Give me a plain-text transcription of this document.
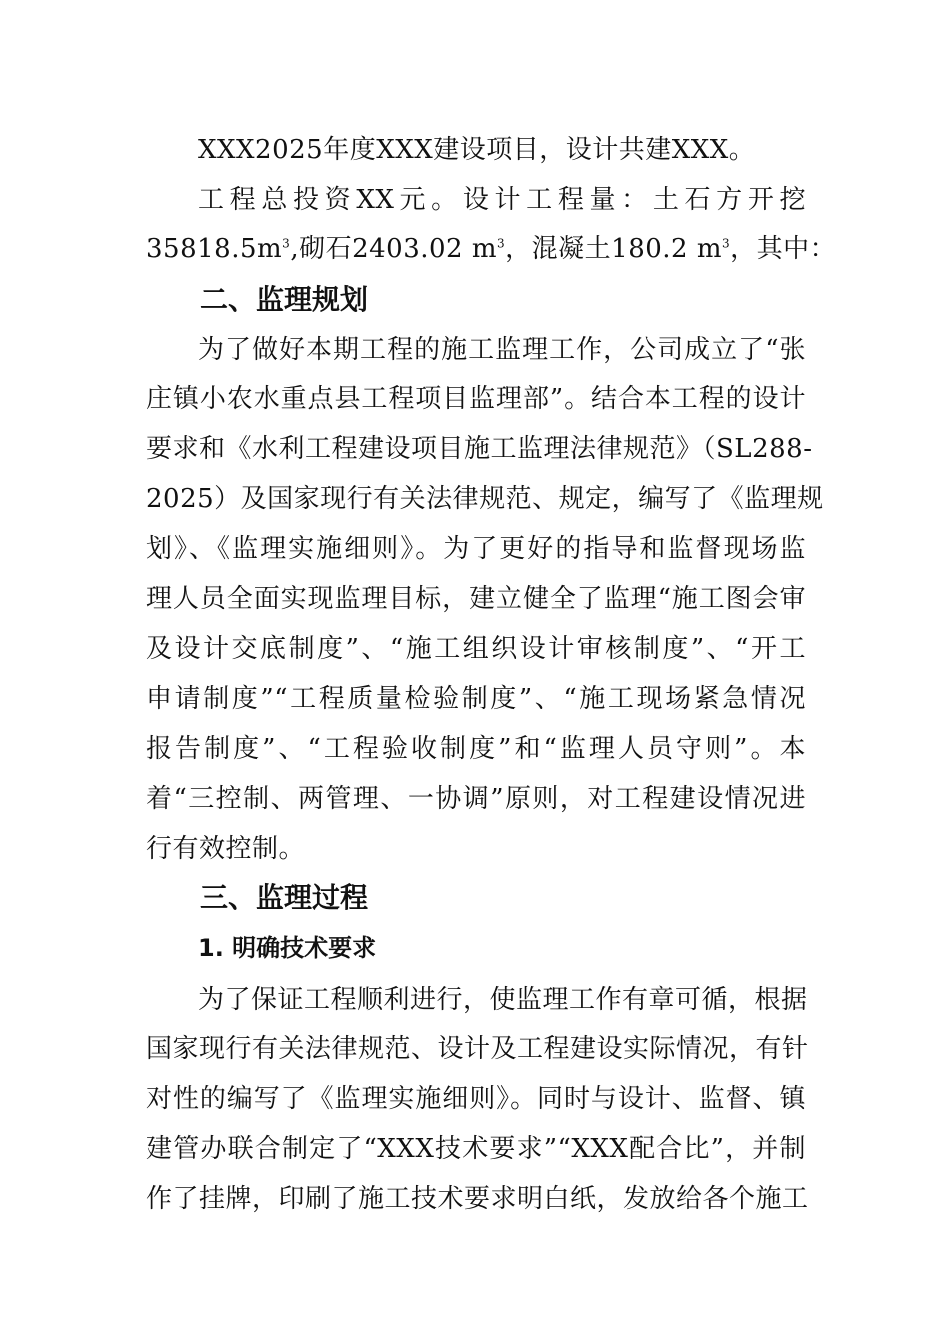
XXX2025年度XXX建设项目，设计共建XXX。
工程总投资XX元。设计工程量：土石方开挖
$35818.5m^3$,砌石2403.02 $m^3$，混凝土180.2 $m^3$，其中：
二、监理规划
为了做好本期工程的施工监理工作，公司成立了“张
庄镇小农水重点县工程项目监理部”。结合本工程的设计
要求和《水利工程建设项目施工监理法律规范》（SL288-
2025）及国家现行有关法律规范、规定，编写了《监理规
划》、《监理实施细则》。为了更好的指导和监督现场监
理人员全面实现监理目标，建立健全了监理“施工图会审
及设计交底制度”、“施工组织设计审核制度”、“开工
申请制度”“工程质量检验制度”、“施工现场紧急情况
报告制度”、“工程验收制度”和“监理人员守则”。本
着“三控制、两管理、一协调”原则，对工程建设情况进
行有效控制。
三、监理过程
1. 明确技术要求
为了保证工程顺利进行，使监理工作有章可循，根据
国家现行有关法律规范、设计及工程建设实际情况，有针
对性的编写了《监理实施细则》。同时与设计、监督、镇
建管办联合制定了“XXX技术要求”“XXX配合比”，并制
作了挂牌，印刷了施工技术要求明白纸，发放给各个施工
